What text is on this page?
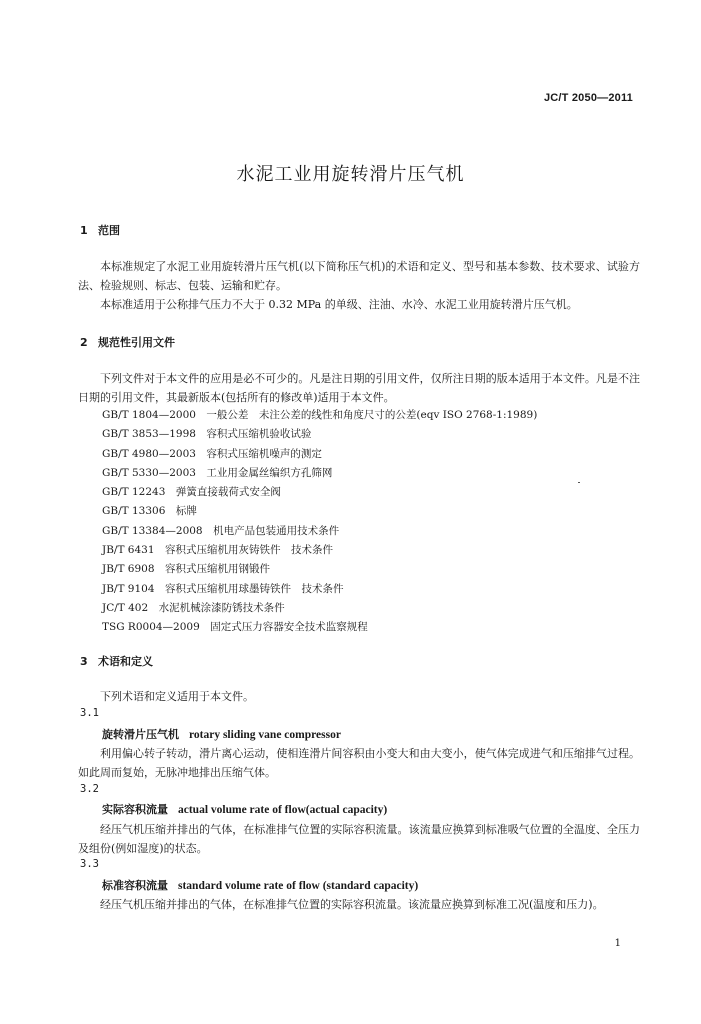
JC/T 2050—2011
水泥工业用旋转滑片压气机
1 范围

本标准规定了水泥工业用旋转滑片压气机(以下简称压气机)的术语和定义、型号和基本参数、技术要求、试验方法、检验规则、标志、包装、运输和贮存。

本标准适用于公称排气压力不大于 0.32 MPa 的单级、注油、水冷、水泥工业用旋转滑片压气机。

2 规范性引用文件

下列文件对于本文件的应用是必不可少的。凡是注日期的引用文件，仅所注日期的版本适用于本文件。凡是不注日期的引用文件，其最新版本(包括所有的修改单)适用于本文件。

GB/T 1804—2000　一般公差　未注公差的线性和角度尺寸的公差(eqv ISO 2768-1:1989)
GB/T 3853—1998　容积式压缩机验收试验
GB/T 4980—2003　容积式压缩机噪声的测定
GB/T 5330—2003　工业用金属丝编织方孔筛网
GB/T 12243　弹簧直接载荷式安全阀
GB/T 13306　标牌
GB/T 13384—2008　机电产品包装通用技术条件
JB/T 6431　容积式压缩机用灰铸铁件　技术条件
JB/T 6908　容积式压缩机用钢锻件
JB/T 9104　容积式压缩机用球墨铸铁件　技术条件
JC/T 402　水泥机械涂漆防锈技术条件
TSG R0004—2009　固定式压力容器安全技术监察规程
3 术语和定义

下列术语和定义适用于本文件。

3.1
旋转滑片压气机 rotary sliding vane compressor

利用偏心转子转动，滑片离心运动，使相连滑片间容积由小变大和由大变小，使气体完成进气和压缩排气过程。如此周而复始，无脉冲地排出压缩气体。

3.2
实际容积流量 actual volume rate of flow(actual capacity)

经压气机压缩并排出的气体，在标准排气位置的实际容积流量。该流量应换算到标准吸气位置的全温度、全压力及组份(例如湿度)的状态。

3.3
标准容积流量 standard volume rate of flow (standard capacity)

经压气机压缩并排出的气体，在标准排气位置的实际容积流量。该流量应换算到标准工况(温度和压力)。

1
